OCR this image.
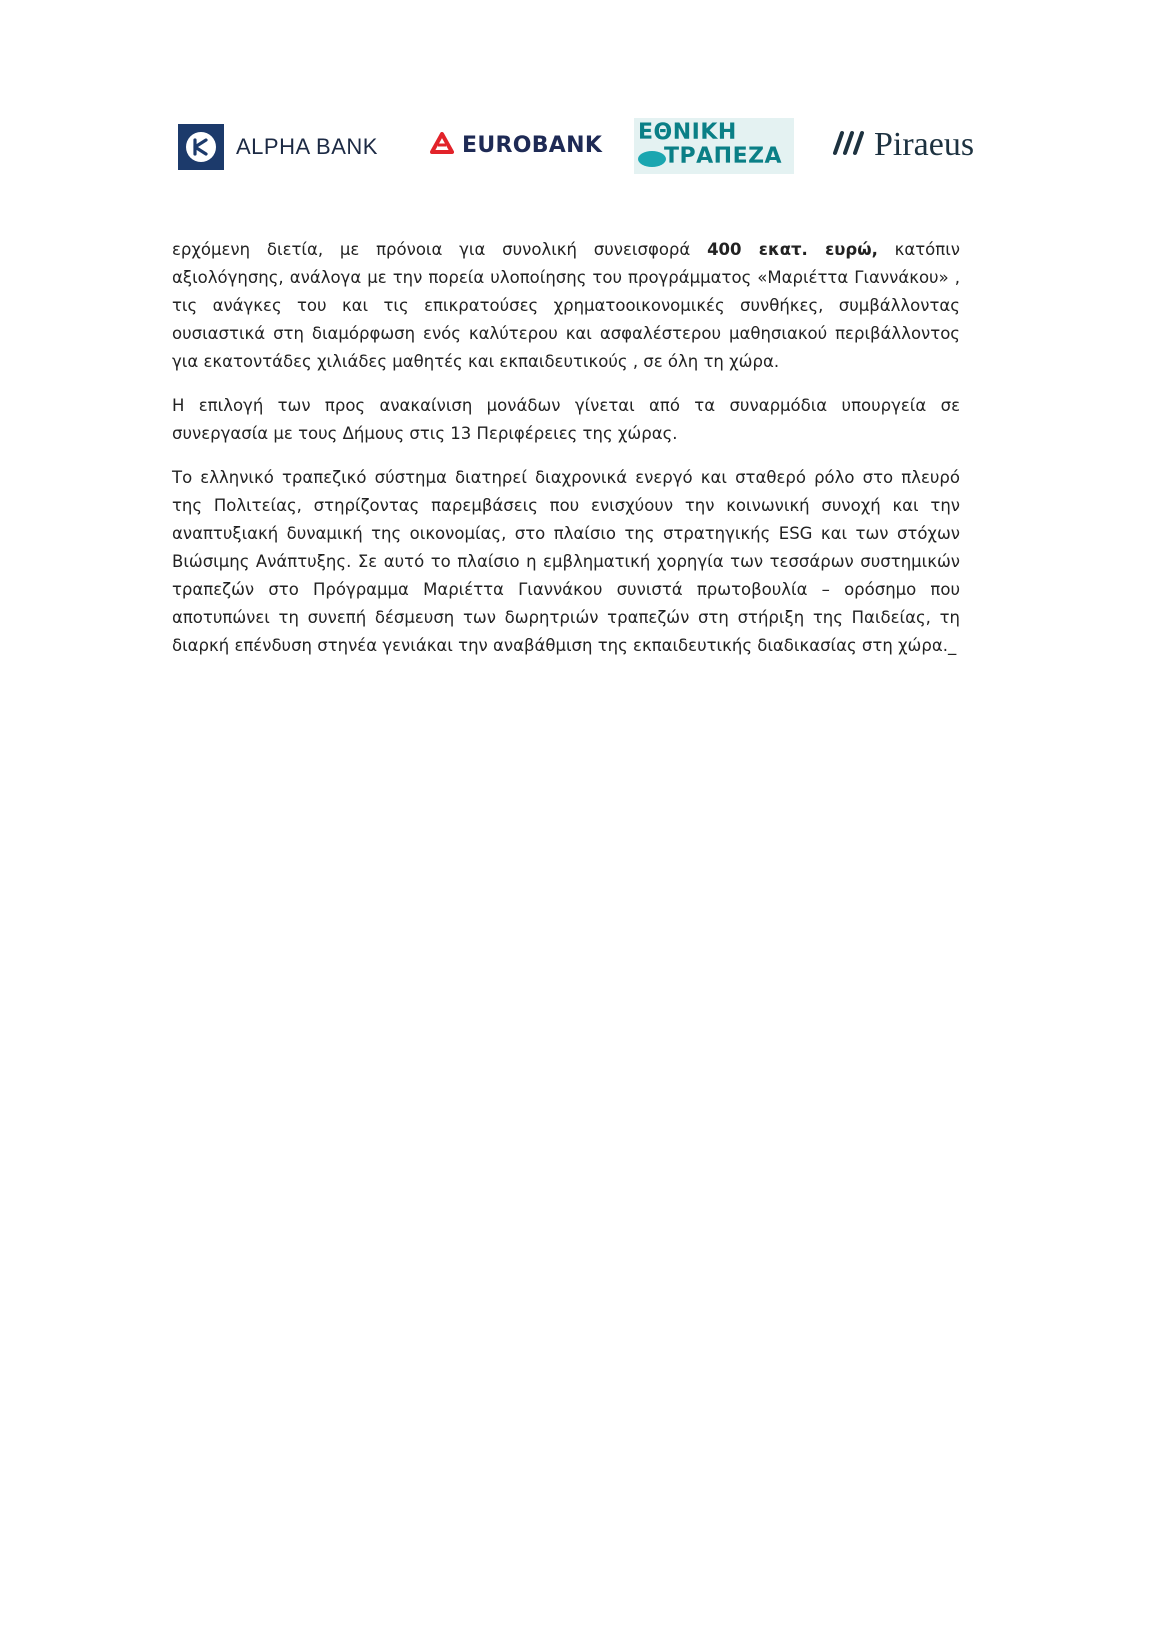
ALPHA BANK	EUROBANK
ΕΘΝΙΚΗ
ΤΡΑΠΕΖΑ	Piraeus

ερχόμενη διετία, με πρόνοια για συνολική συνεισφορά 400 εκατ. ευρώ, κατόπιν αξιολόγησης, ανάλογα με την πορεία υλοποίησης του προγράμματος «Μαριέττα Γιαννάκου» , τις ανάγκες του και τις επικρατούσες χρηματοοικονομικές συνθήκες, συμβάλλοντας ουσιαστικά στη διαμόρφωση ενός καλύτερου και ασφαλέστερου μαθησιακού περιβάλλοντος για εκατοντάδες χιλιάδες μαθητές και εκπαιδευτικούς , σε όλη τη χώρα.

Η επιλογή των προς ανακαίνιση μονάδων γίνεται από τα συναρμόδια υπουργεία σε συνεργασία με τους Δήμους στις 13 Περιφέρειες της χώρας.

Το ελληνικό τραπεζικό σύστημα διατηρεί διαχρονικά ενεργό και σταθερό ρόλο στο πλευρό της Πολιτείας, στηρίζοντας παρεμβάσεις που ενισχύουν την κοινωνική συνοχή και την αναπτυξιακή δυναμική της οικονομίας, στο πλαίσιο της στρατηγικής ESG και των στόχων Βιώσιμης Ανάπτυξης. Σε αυτό το πλαίσιο η εμβληματική χορηγία των τεσσάρων συστημικών τραπεζών στο Πρόγραμμα Μαριέττα Γιαννάκου συνιστά πρωτοβουλία – ορόσημο που αποτυπώνει τη συνεπή δέσμευση των δωρητριών τραπεζών στη στήριξη της Παιδείας, τη διαρκή επένδυση στηνέα γενιάκαι την αναβάθμιση της εκπαιδευτικής διαδικασίας στη χώρα._
